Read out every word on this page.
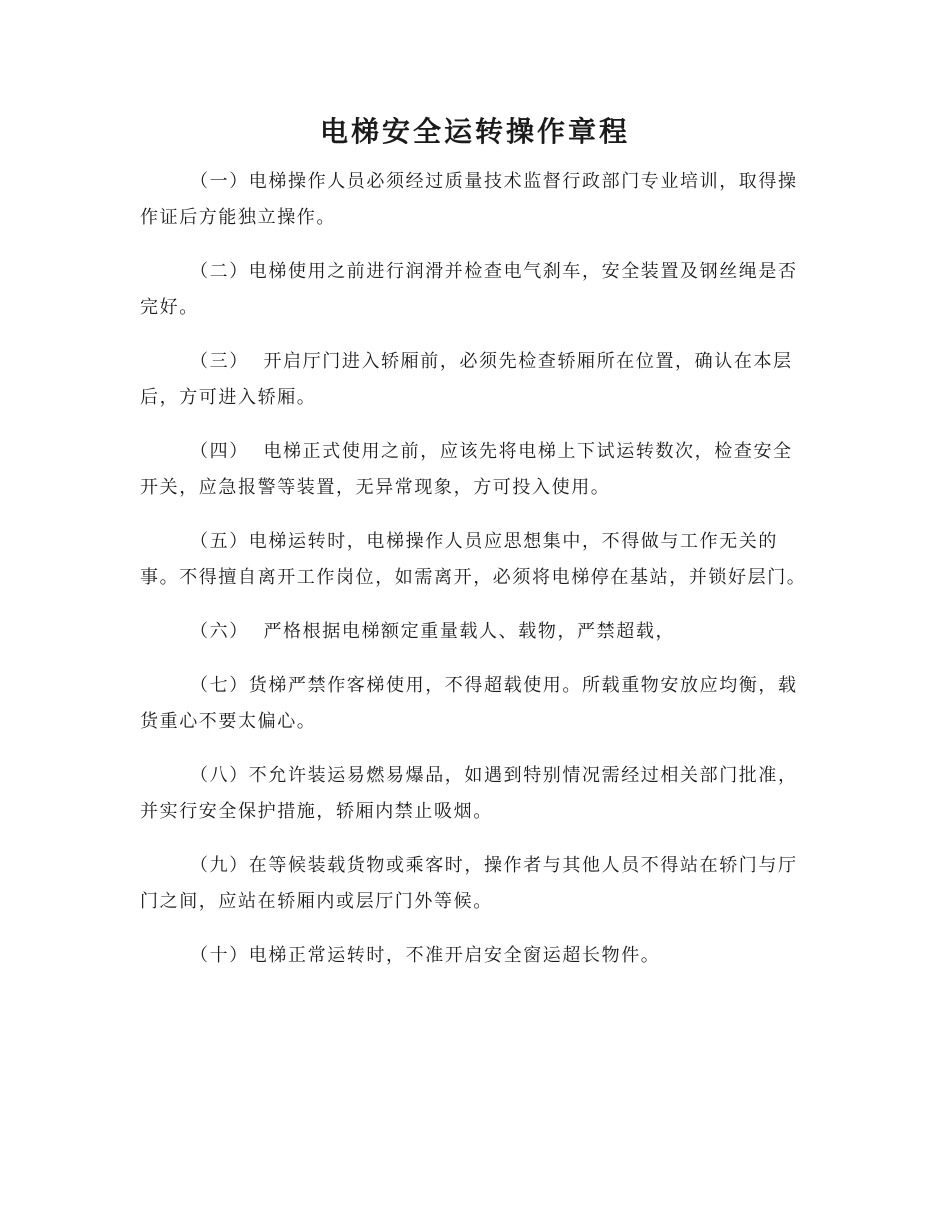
电梯安全运转操作章程

（一）电梯操作人员必须经过质量技术监督行政部门专业培训，取得操作证后方能独立操作。

（二）电梯使用之前进行润滑并检查电气刹车，安全装置及钢丝绳是否完好。

（三）  开启厅门进入轿厢前，必须先检查轿厢所在位置，确认在本层后，方可进入轿厢。

（四）  电梯正式使用之前，应该先将电梯上下试运转数次，检查安全开关，应急报警等装置，无异常现象，方可投入使用。

（五）电梯运转时，电梯操作人员应思想集中，不得做与工作无关的事。不得擅自离开工作岗位，如需离开，必须将电梯停在基站，并锁好层门。

（六）  严格根据电梯额定重量载人、载物，严禁超载，

（七）货梯严禁作客梯使用，不得超载使用。所载重物安放应均衡，载货重心不要太偏心。

（八）不允许装运易燃易爆品，如遇到特别情况需经过相关部门批准，并实行安全保护措施，轿厢内禁止吸烟。

（九）在等候装载货物或乘客时，操作者与其他人员不得站在轿门与厅门之间，应站在轿厢内或层厅门外等候。

（十）电梯正常运转时，不准开启安全窗运超长物件。
